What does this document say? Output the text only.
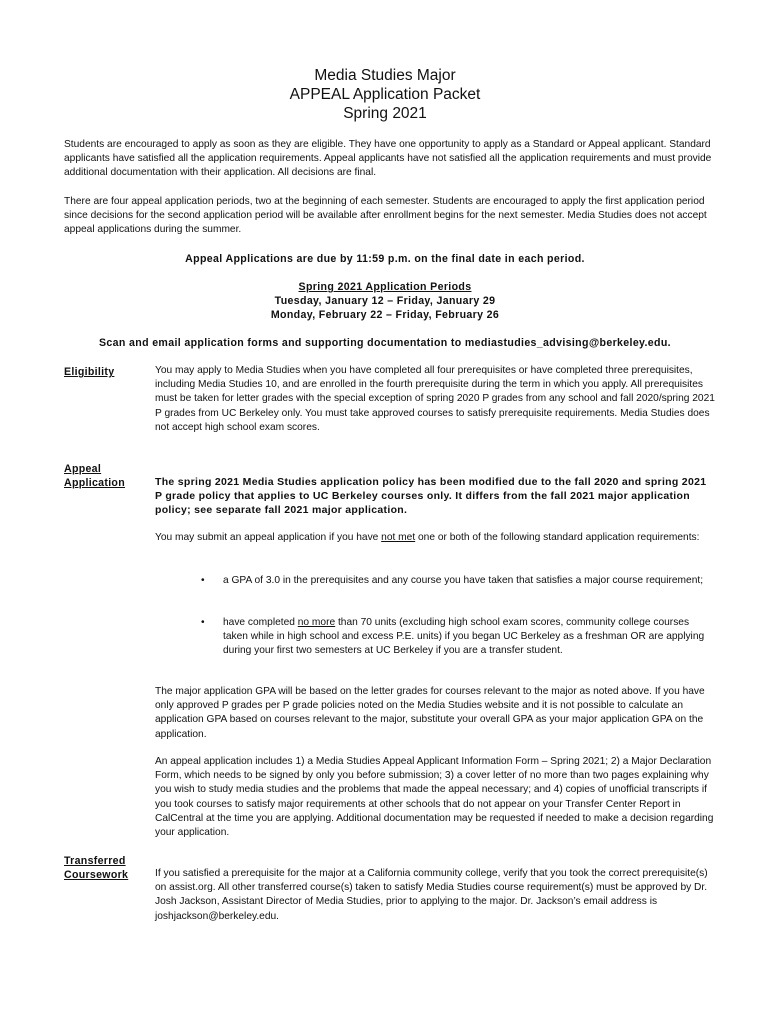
Media Studies Major
APPEAL Application Packet
Spring 2021
Students are encouraged to apply as soon as they are eligible. They have one opportunity to apply as a Standard or Appeal applicant. Standard applicants have satisfied all the application requirements. Appeal applicants have not satisfied all the application requirements and must provide additional documentation with their application. All decisions are final.
There are four appeal application periods, two at the beginning of each semester. Students are encouraged to apply the first application period since decisions for the second application period will be available after enrollment begins for the next semester. Media Studies does not accept appeal applications during the summer.
Appeal Applications are due by 11:59 p.m. on the final date in each period.
Spring 2021 Application Periods
Tuesday, January 12 – Friday, January 29
Monday, February 22 – Friday, February 26
Scan and email application forms and supporting documentation to mediastudies_advising@berkeley.edu.
Eligibility	You may apply to Media Studies when you have completed all four prerequisites or have completed three prerequisites, including Media Studies 10, and are enrolled in the fourth prerequisite during the term in which you apply. All prerequisites must be taken for letter grades with the special exception of spring 2020 P grades from any school and fall 2020/spring 2021 P grades from UC Berkeley only. You must take approved courses to satisfy prerequisite requirements. Media Studies does not accept high school exam scores.
Appeal
Application	The spring 2021 Media Studies application policy has been modified due to the fall 2020 and spring 2021 P grade policy that applies to UC Berkeley courses only. It differs from the fall 2021 major application policy; see separate fall 2021 major application.
You may submit an appeal application if you have not met one or both of the following standard application requirements:
• a GPA of 3.0 in the prerequisites and any course you have taken that satisfies a major course requirement;
• have completed no more than 70 units (excluding high school exam scores, community college courses taken while in high school and excess P.E. units) if you began UC Berkeley as a freshman OR are applying during your first two semesters at UC Berkeley if you are a transfer student.
The major application GPA will be based on the letter grades for courses relevant to the major as noted above. If you have only approved P grades per P grade policies noted on the Media Studies website and it is not possible to calculate an application GPA based on courses relevant to the major, substitute your overall GPA as your major application GPA on the application.
An appeal application includes 1) a Media Studies Appeal Applicant Information Form – Spring 2021; 2) a Major Declaration Form, which needs to be signed by only you before submission; 3) a cover letter of no more than two pages explaining why you wish to study media studies and the problems that made the appeal necessary; and 4) copies of unofficial transcripts if you took courses to satisfy major requirements at other schools that do not appear on your Transfer Center Report in CalCentral at the time you are applying. Additional documentation may be requested if needed to make a decision regarding your application.
Transferred
Coursework	If you satisfied a prerequisite for the major at a California community college, verify that you took the correct prerequisite(s) on assist.org. All other transferred course(s) taken to satisfy Media Studies course requirement(s) must be approved by Dr. Josh Jackson, Assistant Director of Media Studies, prior to applying to the major. Dr. Jackson’s email address is joshjackson@berkeley.edu.
